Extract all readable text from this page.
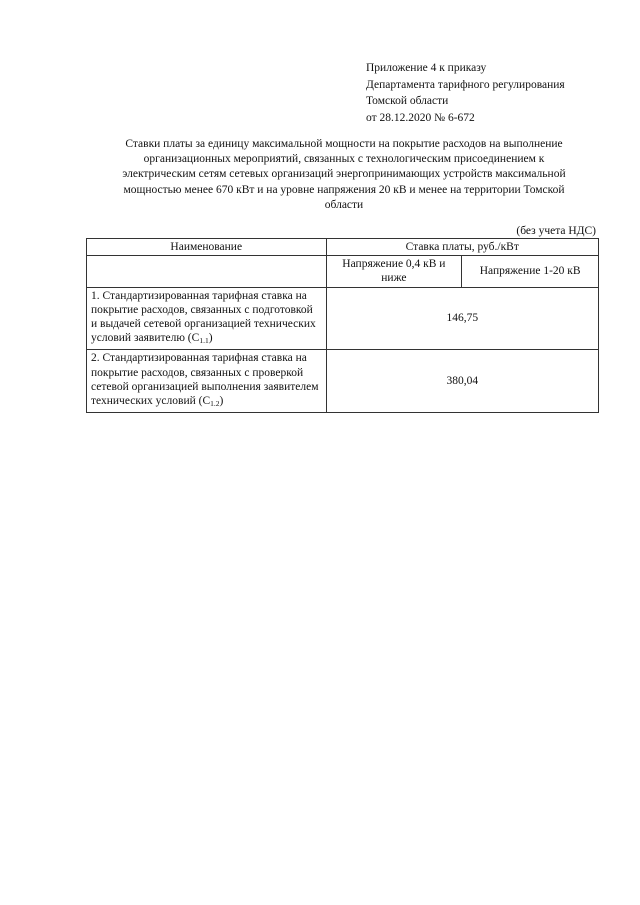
Приложение 4 к приказу
Департамента тарифного регулирования
Томской области
от 28.12.2020 № 6-672
Ставки платы за единицу максимальной мощности на покрытие расходов на выполнение
организационных мероприятий, связанных с технологическим присоединением к
электрическим сетям сетевых организаций энергопринимающих устройств максимальной
мощностью менее 670 кВт и на уровне напряжения 20 кВ и менее на территории Томской
области
(без учета НДС)
Наименование	Ставка платы, руб./кВт	
	Напряжение 0,4 кВ и ниже	Напряжение 1-20 кВ
1. Стандартизированная тарифная ставка на покрытие расходов, связанных с подготовкой и выдачей сетевой организацией технических условий заявителю $(С_{1.1})$	146,75	
2. Стандартизированная тарифная ставка на покрытие расходов, связанных с проверкой сетевой организацией выполнения заявителем технических условий $(С_{1.2})$	380,04	
